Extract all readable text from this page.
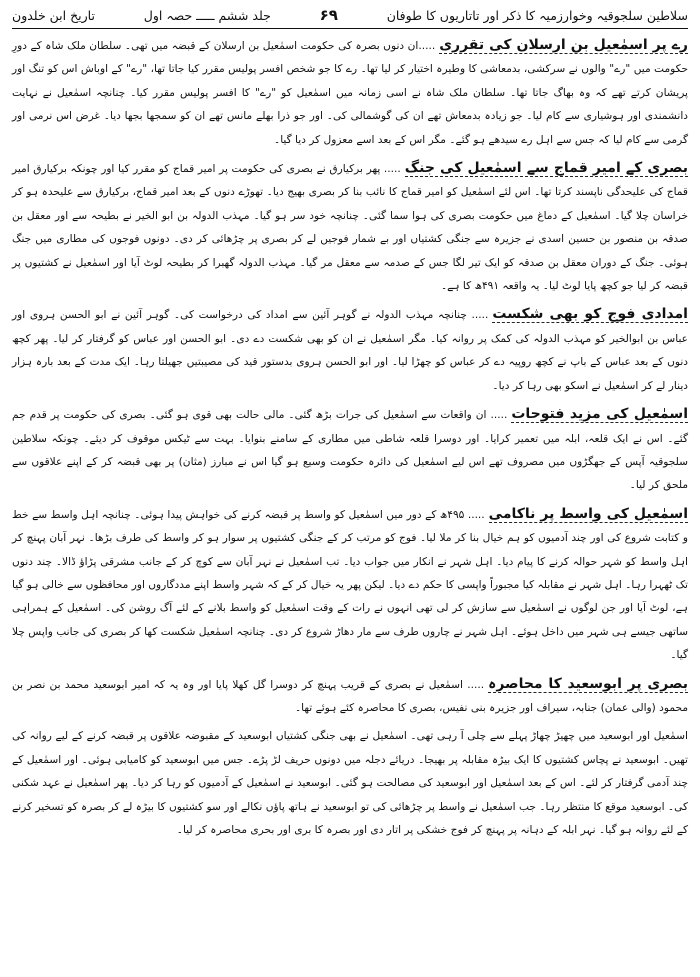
سلاطین سلجوقیہ وخوارزمیہ کا ذکر اور تاتاریوں کا طوفان
۶۹
جلد ششم ـــــ حصہ اول
تاریخ ابن خلدون

رے پر اسمٰعیل بن ارسلان کی تقرری.....ان دنوں بصرہ کی حکومت اسمٰعیل بن ارسلان کے قبضہ میں تھی۔ سلطان ملک شاہ کے دورِ حکومت میں "رے" والوں نے سرکشی، بدمعاشی کا وطیرہ اختیار کر لیا تھا۔ رے کا جو شخص افسر پولیس مقرر کیا جاتا تھا، "رے" کے اوباش اس کو تنگ اور پریشان کرتے تھے کہ وہ بھاگ جاتا تھا۔ سلطان ملک شاہ نے اسی زمانہ میں اسمٰعیل کو "رے" کا افسر پولیس مقرر کیا۔ چنانچہ اسمٰعیل نے نہایت دانشمندی اور ہوشیاری سے کام لیا۔ جو زیادہ بدمعاش تھے ان کی گوشمالی کی۔ اور جو ذرا بھلے مانس تھے ان کو سمجھا بجھا دیا۔ غرض اس نرمی اور گرمی سے کام لیا کہ جس سے اہل رے سیدھے ہو گئے۔ مگر اس کے بعد اسے معزول کر دیا گیا۔

بصری کے امیر قماج سے اسمٰعیل کی جنگ..... پھر برکیارق نے بصری کی حکومت پر امیر قماج کو مقرر کیا اور چونکہ برکیارق امیر قماج کی علیحدگی ناپسند کرتا تھا۔ اس لئے اسمٰعیل کو امیر قماج کا نائب بنا کر بصری بھیج دیا۔ تھوڑے دنوں کے بعد امیر قماج، برکیارق سے علیحدہ ہو کر خراسان چلا گیا۔ اسمٰعیل کے دماغ میں حکومت بصری کی ہوا سما گئی۔ چنانچہ خود سر ہو گیا۔ مہذب الدولہ بن ابو الخیر نے بطیحہ سے اور معقل بن صدقہ بن منصور بن حسین اسدی نے جزیرہ سے جنگی کشتیاں اور بے شمار فوجیں لے کر بصری پر چڑھائی کر دی۔ دونوں فوجوں کی مطاری میں جنگ ہوئی۔ جنگ کے دوران معقل بن صدقہ کو ایک تیر لگا جس کے صدمہ سے معقل مر گیا۔ مہذب الدولہ گھبرا کر بطیحہ لوٹ آیا اور اسمٰعیل نے کشتیوں پر قبضہ کر لیا جو کچھ پایا لوٹ لیا۔ یہ واقعہ ۴۹۱ھ کا ہے۔

امدادی فوج کو بھی شکست..... چنانچہ مہذب الدولہ نے گوہر آئین سے امداد کی درخواست کی۔ گوہر آئین نے ابو الحسن ہروی اور عباس بن ابوالخیر کو مہذب الدولہ کی کمک پر روانہ کیا۔ مگر اسمٰعیل نے ان کو بھی شکست دے دی۔ ابو الحسن اور عباس کو گرفتار کر لیا۔ پھر کچھ دنوں کے بعد عباس کے باپ نے کچھ روپیہ دے کر عباس کو چھڑا لیا۔ اور ابو الحسن ہروی بدستور قید کی مصیبتیں جھیلتا رہا۔ ایک مدت کے بعد بارہ ہزار دینار لے کر اسمٰعیل نے اسکو بھی رہا کر دیا۔

اسمٰعیل کی مزید فتوحات..... ان واقعات سے اسمٰعیل کی جرات بڑھ گئی۔ مالی حالت بھی قوی ہو گئی۔ بصری کی حکومت پر قدم جم گئے۔ اس نے ایک قلعہ، ابلہ میں تعمیر کرایا۔ اور دوسرا قلعہ شاطی میں مطاری کے سامنے بنوایا۔ بہت سے ٹیکس موقوف کر دیئے۔ چونکہ سلاطین سلجوقیہ آپس کے جھگڑوں میں مصروف تھے اس لیے اسمٰعیل کی دائرہ حکومت وسیع ہو گیا اس نے مبارز (مثان) پر بھی قبضہ کر کے اپنے علاقوں سے ملحق کر لیا۔

اسمٰعیل کی واسط پر ناکامی..... ۴۹۵ھ کے دور میں اسمٰعیل کو واسط پر قبضہ کرنے کی خواہش پیدا ہوئی۔ چنانچہ اہل واسط سے خط و کتابت شروع کی اور چند آدمیوں کو ہم خیال بنا کر ملا لیا۔ فوج کو مرتب کر کے جنگی کشتیوں پر سوار ہو کر واسط کی طرف بڑھا۔ نہر آبان پہنچ کر اہل واسط کو شہر حوالہ کرنے کا پیام دیا۔ اہل شہر نے انکار میں جواب دیا۔ تب اسمٰعیل نے نہر آبان سے کوچ کر کے جانب مشرقی پڑاؤ ڈالا۔ چند دنوں تک ٹھہرا رہا۔ اہل شہر نے مقابلہ کیا مجبوراً واپسی کا حکم دے دیا۔ لیکن پھر یہ خیال کر کے کہ شہر واسط اپنے مددگاروں اور محافظوں سے خالی ہو گیا ہے، لوٹ آیا اور جن لوگوں نے اسمٰعیل سے سازش کر لی تھی انہوں نے رات کے وقت اسمٰعیل کو واسط بلانے کے لئے آگ روشن کی۔ اسمٰعیل کے ہمراہی ساتھی جیسے ہی شہر میں داخل ہوئے۔ اہل شہر نے چاروں طرف سے مار دھاڑ شروع کر دی۔ چنانچہ اسمٰعیل شکست کھا کر بصری کی جانب واپس چلا گیا۔

بصری پر ابوسعید کا محاصرہ..... اسمٰعیل نے بصری کے قریب پہنچ کر دوسرا گل کھلا پایا اور وہ یہ کہ امیر ابوسعید محمد بن نصر بن محمود (والی عمان) جنابہ، سیراف اور جزیرہ بنی نفیس، بصری کا محاصرہ کئے ہوئے تھا۔

اسمٰعیل اور ابوسعید میں چھیڑ چھاڑ پہلے سے چلی آ رہی تھی۔ اسمٰعیل نے بھی جنگی کشتیاں ابوسعید کے مقبوضہ علاقوں پر قبضہ کرنے کے لیے روانہ کی تھیں۔ ابوسعید نے پچاس کشتیوں کا ایک بیڑہ مقابلہ پر بھیجا۔ دریائے دجلہ میں دونوں حریف لڑ پڑے۔ جس میں ابوسعید کو کامیابی ہوئی۔ اور اسمٰعیل کے چند آدمی گرفتار کر لئے۔ اس کے بعد اسمٰعیل اور ابوسعید کی مصالحت ہو گئی۔ ابوسعید نے اسمٰعیل کے آدمیوں کو رہا کر دیا۔ پھر اسمٰعیل نے عہد شکنی کی۔ ابوسعید موقع کا منتظر رہا۔ جب اسمٰعیل نے واسط پر چڑھائی کی تو ابوسعید نے ہاتھ پاؤں نکالے اور سو کشتیوں کا بیڑہ لے کر بصرہ کو تسخیر کرنے کے لئے روانہ ہو گیا۔ نہر ابلہ کے دہانہ پر پہنچ کر فوج خشکی پر اتار دی اور بصرہ کا بری اور بحری محاصرہ کر لیا۔
